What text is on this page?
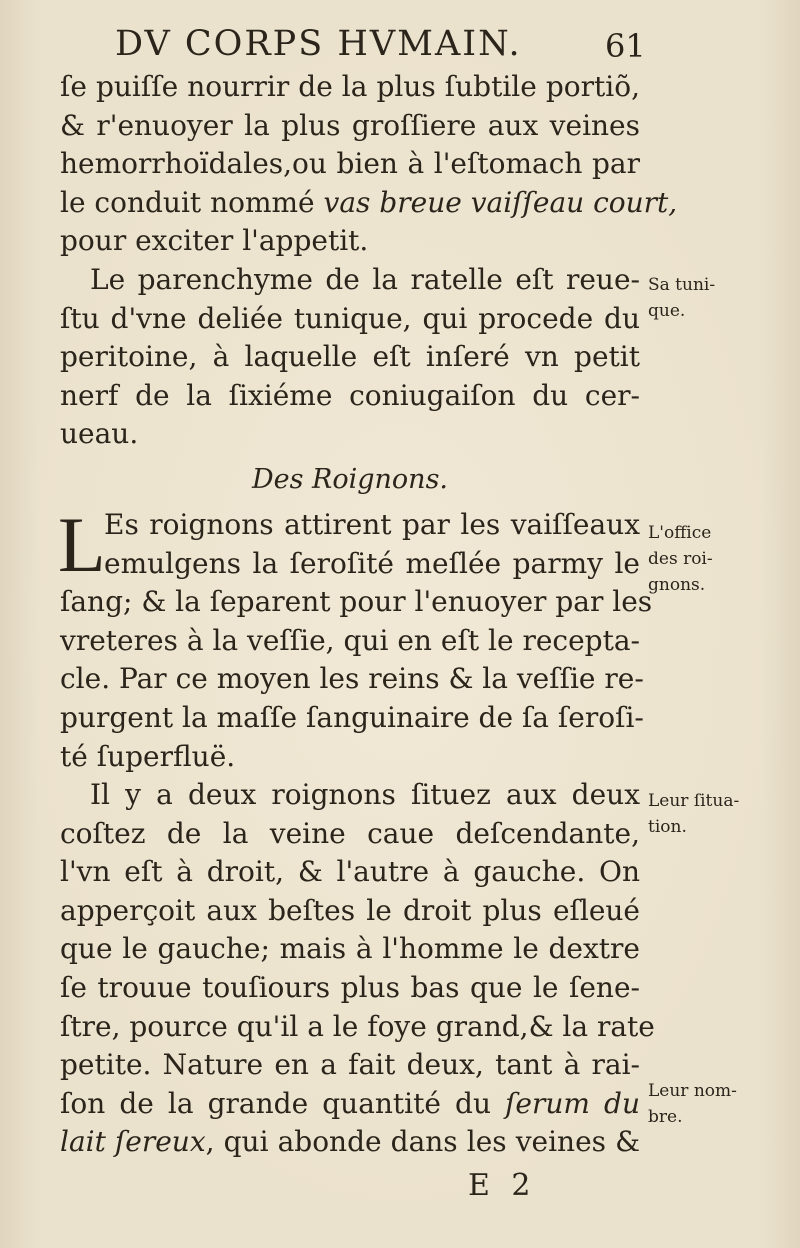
DV CORPS HVMAIN.	61
ſe puiſſe nourrir de la plus ſubtile portiõ,
& r'enuoyer la plus groſſiere aux veines
hemorrhoïdales,ou bien à l'eſtomach par
le conduit nommé vas breue vaiſſeau court,
pour exciter l'appetit.
Le parenchyme de la ratelle eſt reue-
ſtu d'vne deliée tunique, qui procede du
peritoine, à laquelle eſt inſeré vn petit
nerf de la ſixiéme coniugaiſon du cer-
ueau.
Des Roignons.
L
Es roignons attirent par les vaiſſeaux
emulgens la ſeroſité meſlée parmy le
ſang; & la ſeparent pour l'enuoyer par les
vreteres à la veſſie, qui en eſt le recepta-
cle. Par ce moyen les reins & la veſſie re-
purgent la maſſe ſanguinaire de ſa ſeroſi-
té ſuperfluë.
Il y a deux roignons ſituez aux deux
coſtez de la veine caue deſcendante,
l'vn eſt à droit, & l'autre à gauche. On
apperçoit aux beſtes le droit plus eſleué
que le gauche; mais à l'homme le dextre
ſe trouue touſiours plus bas que le ſene-
ſtre, pource qu'il a le foye grand,& la rate
petite. Nature en a fait deux, tant à rai-
ſon de la grande quantité du ſerum du
lait ſereux, qui abonde dans les veines &
Sa tuni-
que.
L'office
des roi-
gnons.
Leur ſitua-
tion.
Leur nom-
bre.
E 2
